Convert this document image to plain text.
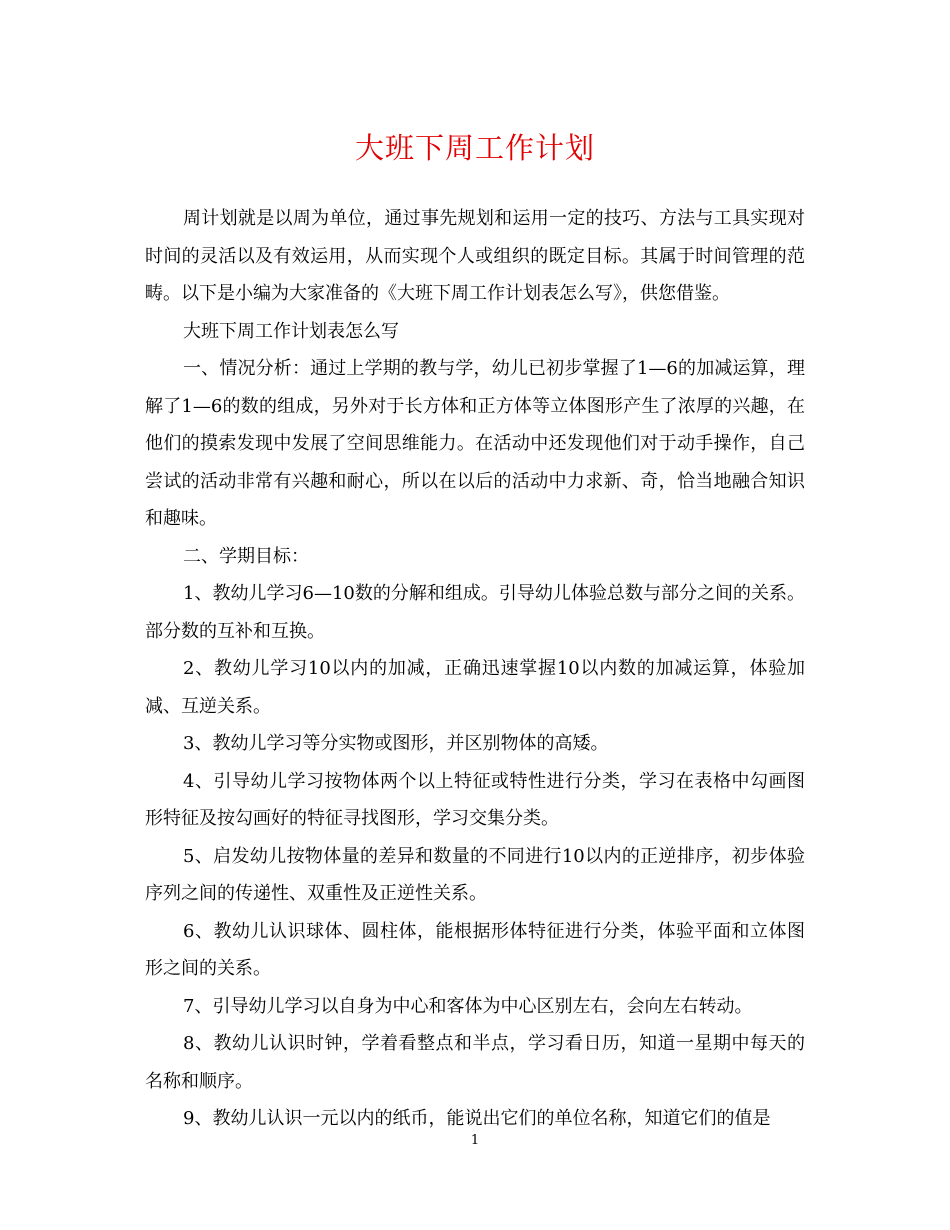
大班下周工作计划

周计划就是以周为单位，通过事先规划和运用一定的技巧、方法与工具实现对时间的灵活以及有效运用，从而实现个人或组织的既定目标。其属于时间管理的范畴。以下是小编为大家准备的《大班下周工作计划表怎么写》，供您借鉴。

大班下周工作计划表怎么写

一、情况分析：通过上学期的教与学，幼儿已初步掌握了1—6的加减运算，理解了1—6的数的组成，另外对于长方体和正方体等立体图形产生了浓厚的兴趣，在他们的摸索发现中发展了空间思维能力。在活动中还发现他们对于动手操作，自己尝试的活动非常有兴趣和耐心，所以在以后的活动中力求新、奇，恰当地融合知识和趣味。

二、学期目标：

1、教幼儿学习6—10数的分解和组成。引导幼儿体验总数与部分之间的关系。部分数的互补和互换。

2、教幼儿学习10以内的加减，正确迅速掌握10以内数的加减运算，体验加减、互逆关系。

3、教幼儿学习等分实物或图形，并区别物体的高矮。

4、引导幼儿学习按物体两个以上特征或特性进行分类，学习在表格中勾画图形特征及按勾画好的特征寻找图形，学习交集分类。

5、启发幼儿按物体量的差异和数量的不同进行10以内的正逆排序，初步体验序列之间的传递性、双重性及正逆性关系。

6、教幼儿认识球体、圆柱体，能根据形体特征进行分类，体验平面和立体图形之间的关系。

7、引导幼儿学习以自身为中心和客体为中心区别左右，会向左右转动。

8、教幼儿认识时钟，学着看整点和半点，学习看日历，知道一星期中每天的名称和顺序。

9、教幼儿认识一元以内的纸币，能说出它们的单位名称，知道它们的值是

1
